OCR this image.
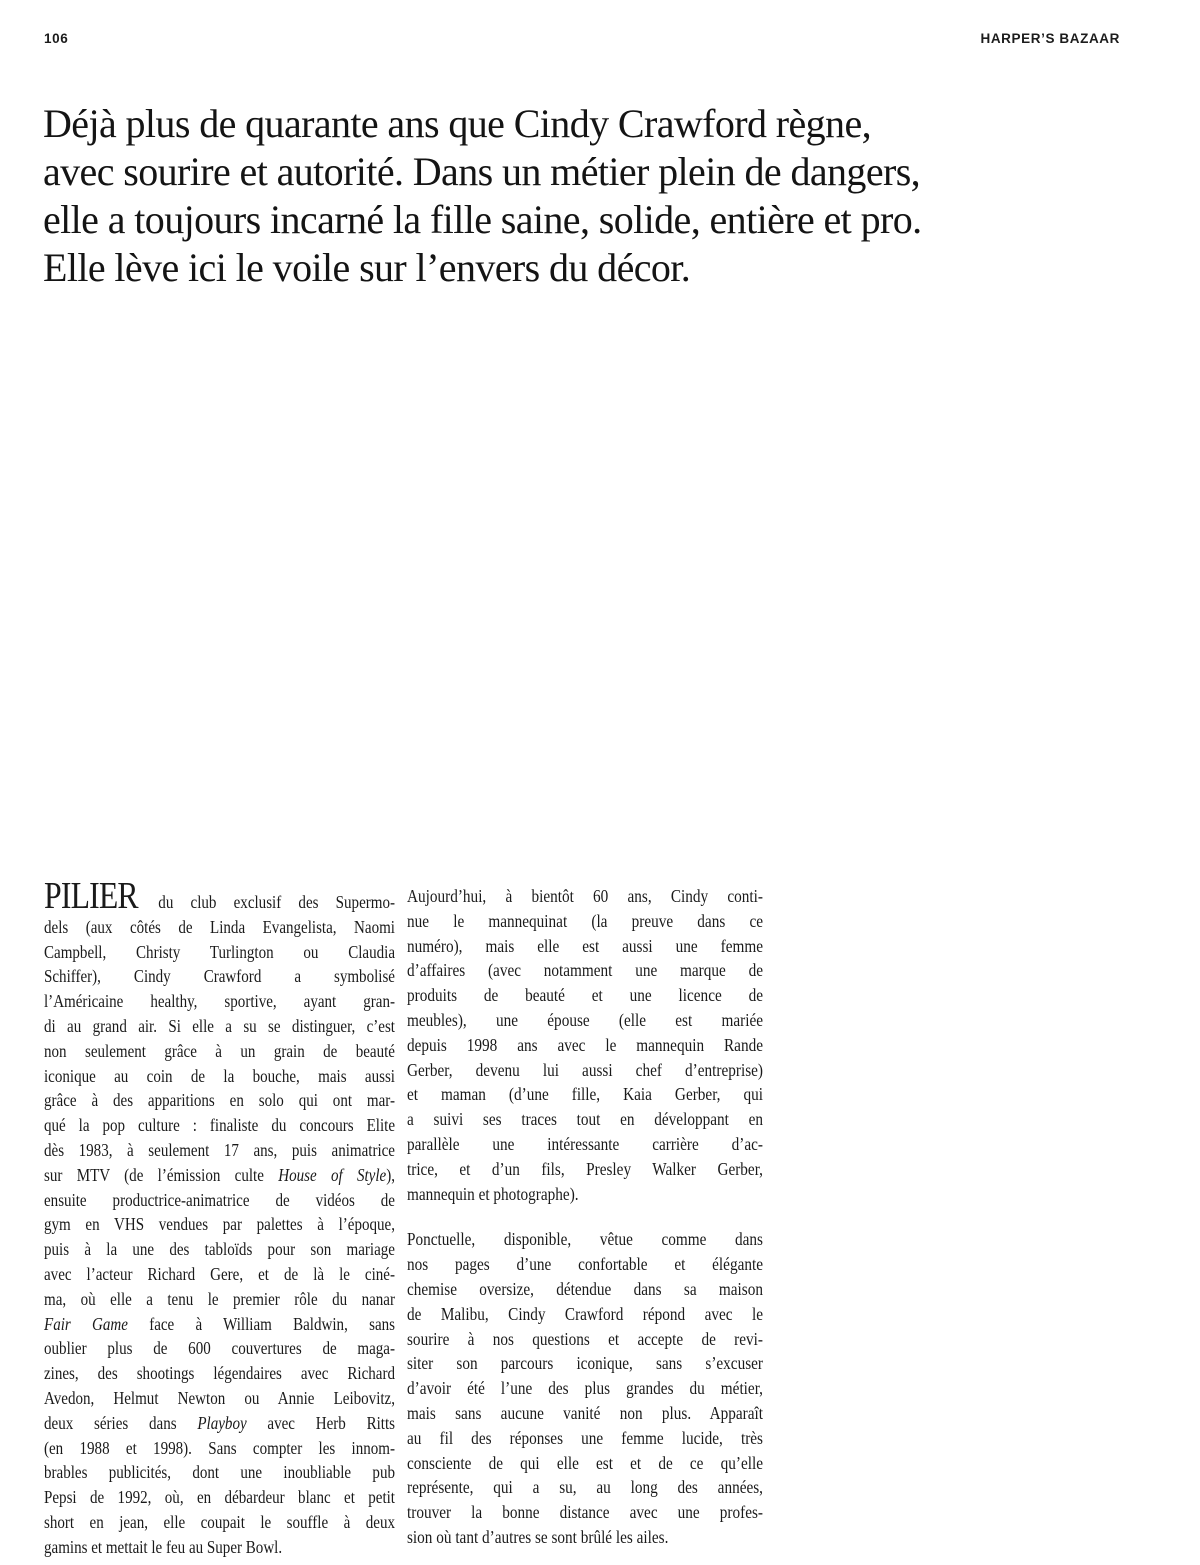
106	HARPER’S BAZAAR
Déjà plus de quarante ans que Cindy Crawford règne,
avec sourire et autorité. Dans un métier plein de dangers,
elle a toujours incarné la fille saine, solide, entière et pro.
Elle lève ici le voile sur l’envers du décor.
PILIER du club exclusif des Supermo-
dels (aux côtés de Linda Evangelista, Naomi
Campbell, Christy Turlington ou Claudia
Schiffer), Cindy Crawford a symbolisé
l’Américaine healthy, sportive, ayant gran-
di au grand air. Si elle a su se distinguer, c’est
non seulement grâce à un grain de beauté
iconique au coin de la bouche, mais aussi
grâce à des apparitions en solo qui ont mar-
qué la pop culture : finaliste du concours Elite
dès 1983, à seulement 17 ans, puis animatrice
sur MTV (de l’émission culte House of Style),
ensuite productrice-animatrice de vidéos de
gym en VHS vendues par palettes à l’époque,
puis à la une des tabloïds pour son mariage
avec l’acteur Richard Gere, et de là le ciné-
ma, où elle a tenu le premier rôle du nanar
Fair Game face à William Baldwin, sans
oublier plus de 600 couvertures de maga-
zines, des shootings légendaires avec Richard
Avedon, Helmut Newton ou Annie Leibovitz,
deux séries dans Playboy avec Herb Ritts
(en 1988 et 1998). Sans compter les innom-
brables publicités, dont une inoubliable pub
Pepsi de 1992, où, en débardeur blanc et petit
short en jean, elle coupait le souffle à deux
gamins et mettait le feu au Super Bowl.
Aujourd’hui, à bientôt 60 ans, Cindy conti-
nue le mannequinat (la preuve dans ce
numéro), mais elle est aussi une femme
d’affaires (avec notamment une marque de
produits de beauté et une licence de
meubles), une épouse (elle est mariée
depuis 1998 ans avec le mannequin Rande
Gerber, devenu lui aussi chef d’entreprise)
et maman (d’une fille, Kaia Gerber, qui
a suivi ses traces tout en développant en
parallèle une intéressante carrière d’ac-
trice, et d’un fils, Presley Walker Gerber,
mannequin et photographe).
Ponctuelle, disponible, vêtue comme dans
nos pages d’une confortable et élégante
chemise oversize, détendue dans sa maison
de Malibu, Cindy Crawford répond avec le
sourire à nos questions et accepte de revi-
siter son parcours iconique, sans s’excuser
d’avoir été l’une des plus grandes du métier,
mais sans aucune vanité non plus. Apparaît
au fil des réponses une femme lucide, très
consciente de qui elle est et de ce qu’elle
représente, qui a su, au long des années,
trouver la bonne distance avec une profes-
sion où tant d’autres se sont brûlé les ailes.
